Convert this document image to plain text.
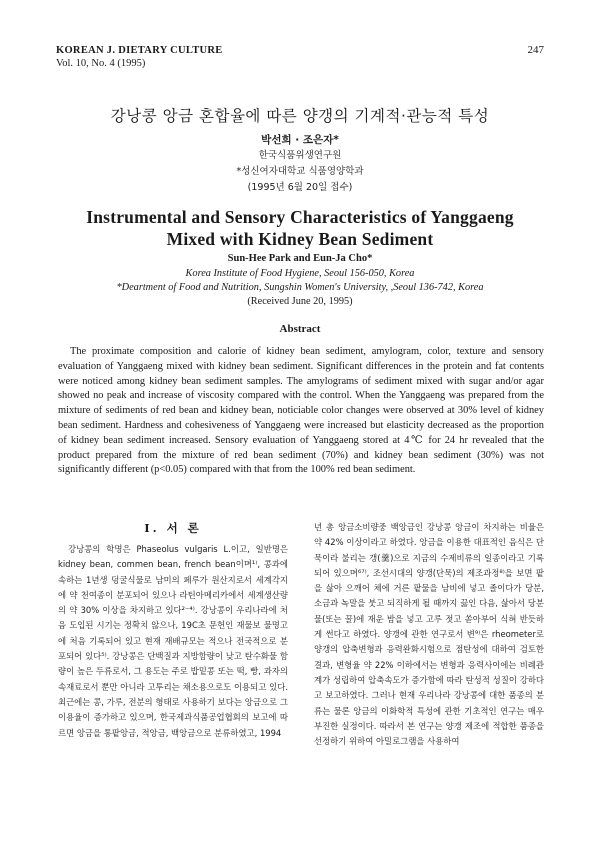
KOREAN J. DIETARY CULTURE
Vol. 10, No. 4 (1995)
247
강낭콩 앙금 혼합율에 따른 양갱의 기계적·관능적 특성
박선희 · 조은자*
한국식품위생연구원
*성신여자대학교 식품영양학과
(1995년 6월 20일 접수)
Instrumental and Sensory Characteristics of Yanggaeng
Mixed with Kidney Bean Sediment
Sun-Hee Park and Eun-Ja Cho*
Korea Institute of Food Hygiene, Seoul 156-050, Korea
*Deartment of Food and Nutrition, Sungshin Women's University, ,Seoul 136-742, Korea
(Received June 20, 1995)
Abstract
The proximate composition and calorie of kidney bean sediment, amylogram, color, texture and sensory evaluation of Yanggaeng mixed with kidney bean sediment. Significant differences in the protein and fat contents were noticed among kidney bean sediment samples. The amylograms of sediment mixed with sugar and/or agar showed no peak and increase of viscosity compared with the control. When the Yanggaeng was prepared from the mixture of sediments of red bean and kidney bean, noticiable color changes were observed at 30% level of kidney bean sediment. Hardness and cohesiveness of Yanggaeng were increased but elasticity decreased as the proportion of kidney bean sediment increased. Sensory evaluation of Yanggaeng stored at 4℃ for 24 hr revealed that the product prepared from the mixture of red bean sediment (70%) and kidney bean sediment (30%) was not significantly different (p<0.05) compared with that from the 100% red bean sediment.
I. 서 론

강낭콩의 학명은 Phaseolus vulgaris L.이고, 일반명은 kidney bean, commen bean, french bean이며¹⁾, 콩과에 속하는 1년생 덩굴식물로 남미의 페루가 원산지로서 세계각지에 약 천여종이 분포되어 있으나 라틴아메리카에서 세계생산량의 약 30% 이상을 차지하고 있다²⁻⁴⁾. 강낭콩이 우리나라에 처음 도입된 시기는 정확치 않으나, 19C초 문헌인 재물보 물명고에 처음 기록되어 있고 현재 재배규모는 적으나 전국적으로 분포되어 있다⁵⁾. 강낭콩은 단백질과 지방함량이 낮고 탄수화물 함량이 높은 두류로서, 그 용도는 주로 밥밑콩 또는 떡, 빵, 과자의 속재료로서 뿐만 아니라 고투리는 채소용으로도 이용되고 있다. 최근에는 콩, 가루, 전분의 형태로 사용하기 보다는 앙금으로 그 이용율이 증가하고 있으며, 한국제과식품공업협회의 보고에 따르면 앙금을 통팥앙금, 적앙금, 백앙금으로 분류하였고, 1994

년 총 앙금소비량중 백앙금인 강낭콩 앙금이 차지하는 비율은 약 42% 이상이라고 하였다. 앙금을 이용한 대표적인 음식은 단묵이라 불리는 갱(羹)으로 지금의 수제비류의 일종이라고 기록되어 있으며⁶⁷⁾, 조선시대의 양갱(단묵)의 제조과정⁸⁾을 보면 팥을 삶아 으깨어 체에 거른 팥물을 남비에 넣고 졸이다가 당분, 소금과 녹말을 붓고 되직하게 될 때까지 끓인 다음, 삶아서 당분물(또는 꿀)에 재운 밤을 넣고 고루 젓고 쏟아부어 식혀 반듯하게 썬다고 하였다. 양갱에 관한 연구로서 변⁹⁾은 rheometer로 양갱의 압축변형과 응력완화시험으로 점탄성에 대하여 검토한 결과, 변형율 약 22% 이하에서는 변형과 응력사이에는 비례관계가 성립하여 압축속도가 증가함에 따라 탄성적 성질이 강하다고 보고하였다. 그러나 현재 우리나라 강낭콩에 대한 품종의 분류는 물론 앙금의 이화학적 특성에 관한 기초적인 연구는 매우 부진한 실정이다. 따라서 본 연구는 양갱 제조에 적합한 품종을 선정하기 위하여 아밀로그램을 사용하여
